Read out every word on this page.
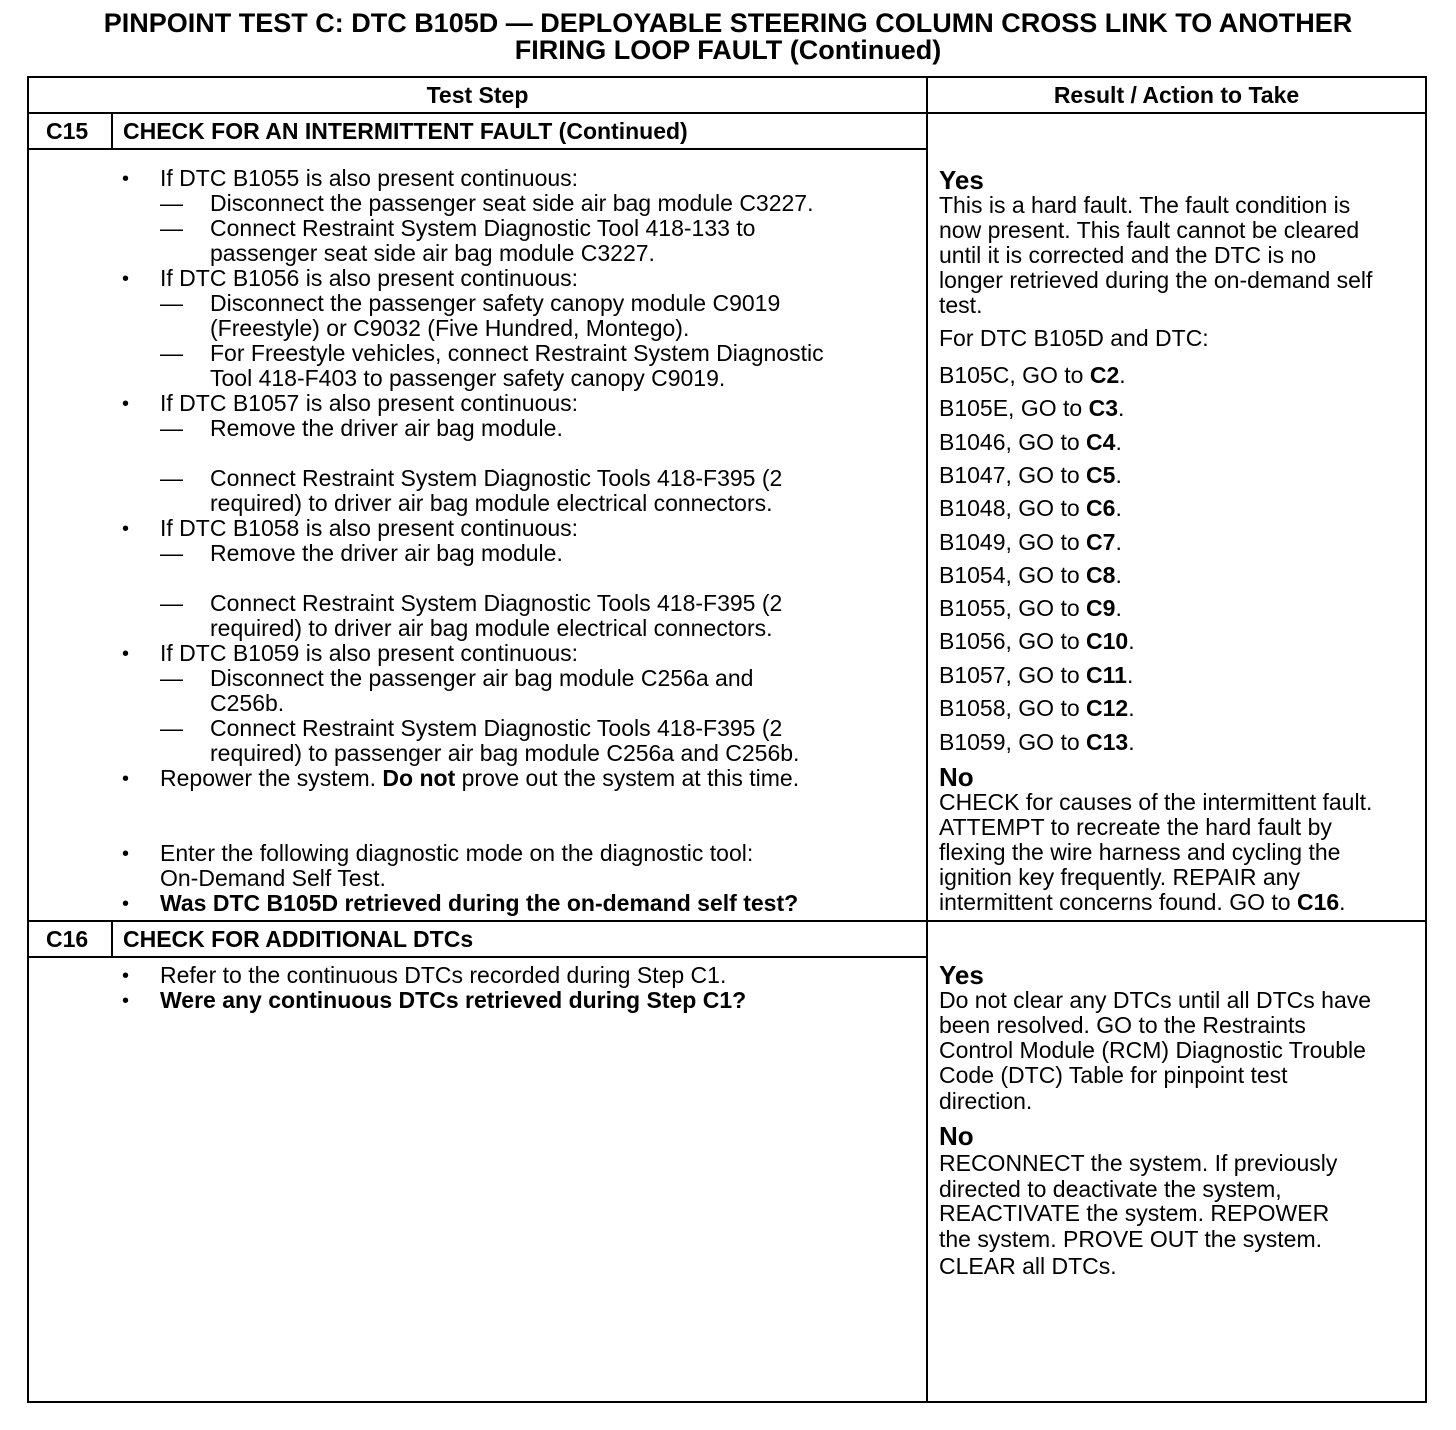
PINPOINT TEST C: DTC B105D — DEPLOYABLE STEERING COLUMN CROSS LINK TO ANOTHER
FIRING LOOP FAULT (Continued)
Test Step	Result / Action to Take
C15 CHECK FOR AN INTERMITTENT FAULT (Continued)
• If DTC B1055 is also present continuous:
— Disconnect the passenger seat side air bag module C3227.
— Connect Restraint System Diagnostic Tool 418-133 to
passenger seat side air bag module C3227.
• If DTC B1056 is also present continuous:
— Disconnect the passenger safety canopy module C9019
(Freestyle) or C9032 (Five Hundred, Montego).
— For Freestyle vehicles, connect Restraint System Diagnostic
Tool 418-F403 to passenger safety canopy C9019.
• If DTC B1057 is also present continuous:
— Remove the driver air bag module.
— Connect Restraint System Diagnostic Tools 418-F395 (2
required) to driver air bag module electrical connectors.
• If DTC B1058 is also present continuous:
— Remove the driver air bag module.
— Connect Restraint System Diagnostic Tools 418-F395 (2
required) to driver air bag module electrical connectors.
• If DTC B1059 is also present continuous:
— Disconnect the passenger air bag module C256a and
C256b.
— Connect Restraint System Diagnostic Tools 418-F395 (2
required) to passenger air bag module C256a and C256b.
• Repower the system. Do not prove out the system at this time.
• Enter the following diagnostic mode on the diagnostic tool:
On-Demand Self Test.
• Was DTC B105D retrieved during the on-demand self test?
Yes
This is a hard fault. The fault condition is
now present. This fault cannot be cleared
until it is corrected and the DTC is no
longer retrieved during the on-demand self
test.
For DTC B105D and DTC:
B105C, GO to C2.
B105E, GO to C3.
B1046, GO to C4.
B1047, GO to C5.
B1048, GO to C6.
B1049, GO to C7.
B1054, GO to C8.
B1055, GO to C9.
B1056, GO to C10.
B1057, GO to C11.
B1058, GO to C12.
B1059, GO to C13.
No
CHECK for causes of the intermittent fault.
ATTEMPT to recreate the hard fault by
flexing the wire harness and cycling the
ignition key frequently. REPAIR any
intermittent concerns found. GO to C16.
C16 CHECK FOR ADDITIONAL DTCs
• Refer to the continuous DTCs recorded during Step C1.
• Were any continuous DTCs retrieved during Step C1?
Yes
Do not clear any DTCs until all DTCs have
been resolved. GO to the Restraints
Control Module (RCM) Diagnostic Trouble
Code (DTC) Table for pinpoint test
direction.
No
RECONNECT the system. If previously
directed to deactivate the system,
REACTIVATE the system. REPOWER
the system. PROVE OUT the system.
CLEAR all DTCs.
